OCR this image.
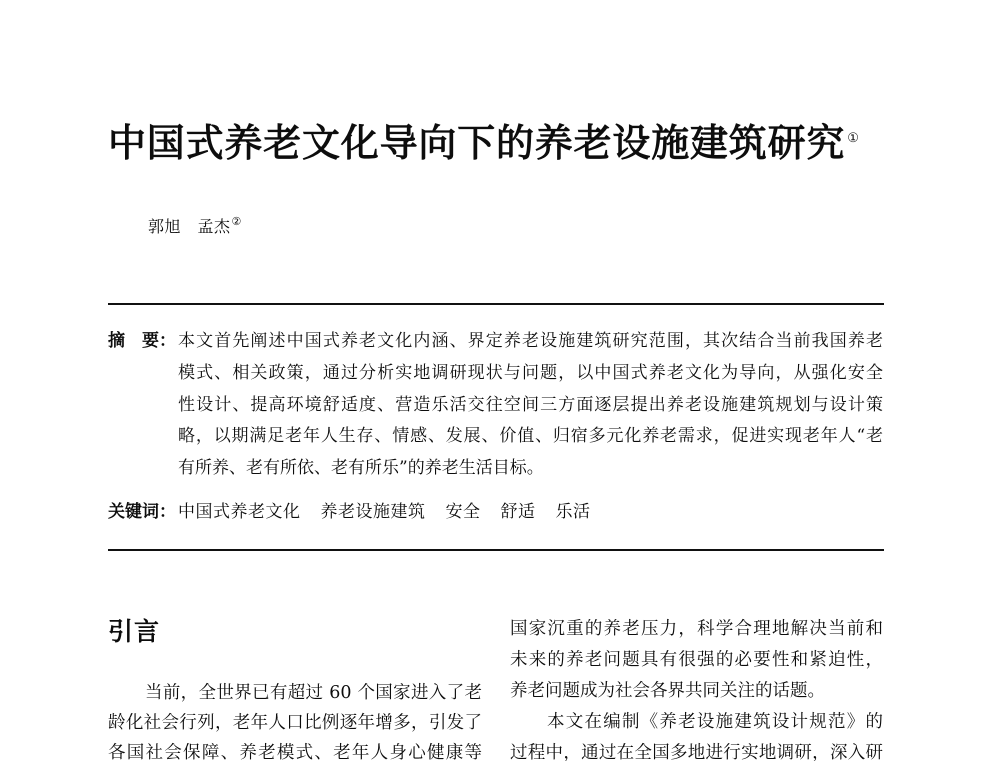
中国式养老文化导向下的养老设施建筑研究 ①
郭旭　孟杰②
摘　要： 本文首先阐述中国式养老文化内涵、界定养老设施建筑研究范围，其次结合当前我国养老
模式、相关政策，通过分析实地调研现状与问题，以中国式养老文化为导向，从强化安全
性设计、提高环境舒适度、营造乐活交往空间三方面逐层提出养老设施建筑规划与设计策
略，以期满足老年人生存、情感、发展、价值、归宿多元化养老需求，促进实现老年人“老
有所养、老有所依、老有所乐”的养老生活目标。
关键词： 中国式养老文化 养老设施建筑 安全 舒适 乐活
引言
当前，全世界已有超过 60 个国家进入了老
龄化社会行列，老年人口比例逐年增多，引发了
各国社会保障、养老模式、老年人身心健康等
国家沉重的养老压力，科学合理地解决当前和
未来的养老问题具有很强的必要性和紧迫性，
养老问题成为社会各界共同关注的话题。
本文在编制《养老设施建筑设计规范》的
过程中，通过在全国多地进行实地调研，深入研
